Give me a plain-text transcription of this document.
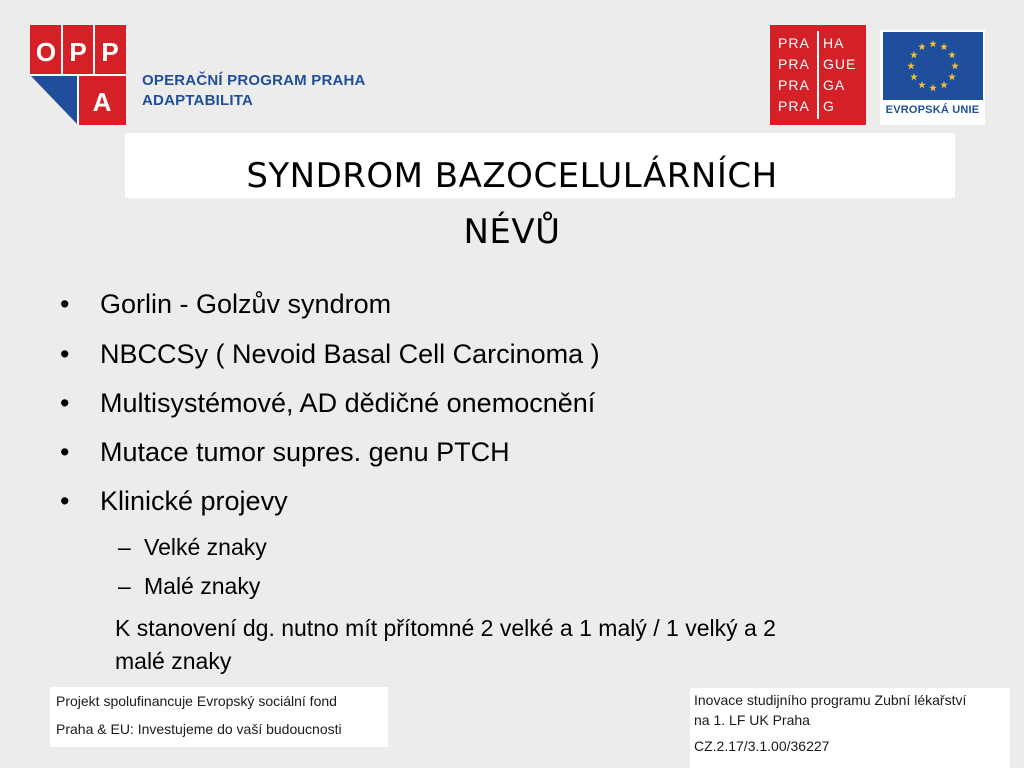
O P P
A
OPERAČNÍ PROGRAM PRAHA
ADAPTABILITA
PRA
PRA
PRA
PRA
HA
GUE
GA
G	EVROPSKÁ UNIE
SYNDROM BAZOCELULÁRNÍCH
NÉVŮ
• Gorlin - Golzův syndrom
• NBCCSy ( Nevoid Basal Cell Carcinoma )
• Multisystémové, AD dědičné onemocnění
• Mutace tumor supres. genu PTCH
• Klinické projevy
– Velké znaky
– Malé znaky
K stanovení dg. nutno mít přítomné 2 velké a 1 malý / 1 velký a 2
malé znaky
Projekt spolufinancuje Evropský sociální fond
Praha & EU: Investujeme do vaší budoucnosti
Inovace studijního programu Zubní lékařství
na 1. LF UK Praha
CZ.2.17/3.1.00/36227
